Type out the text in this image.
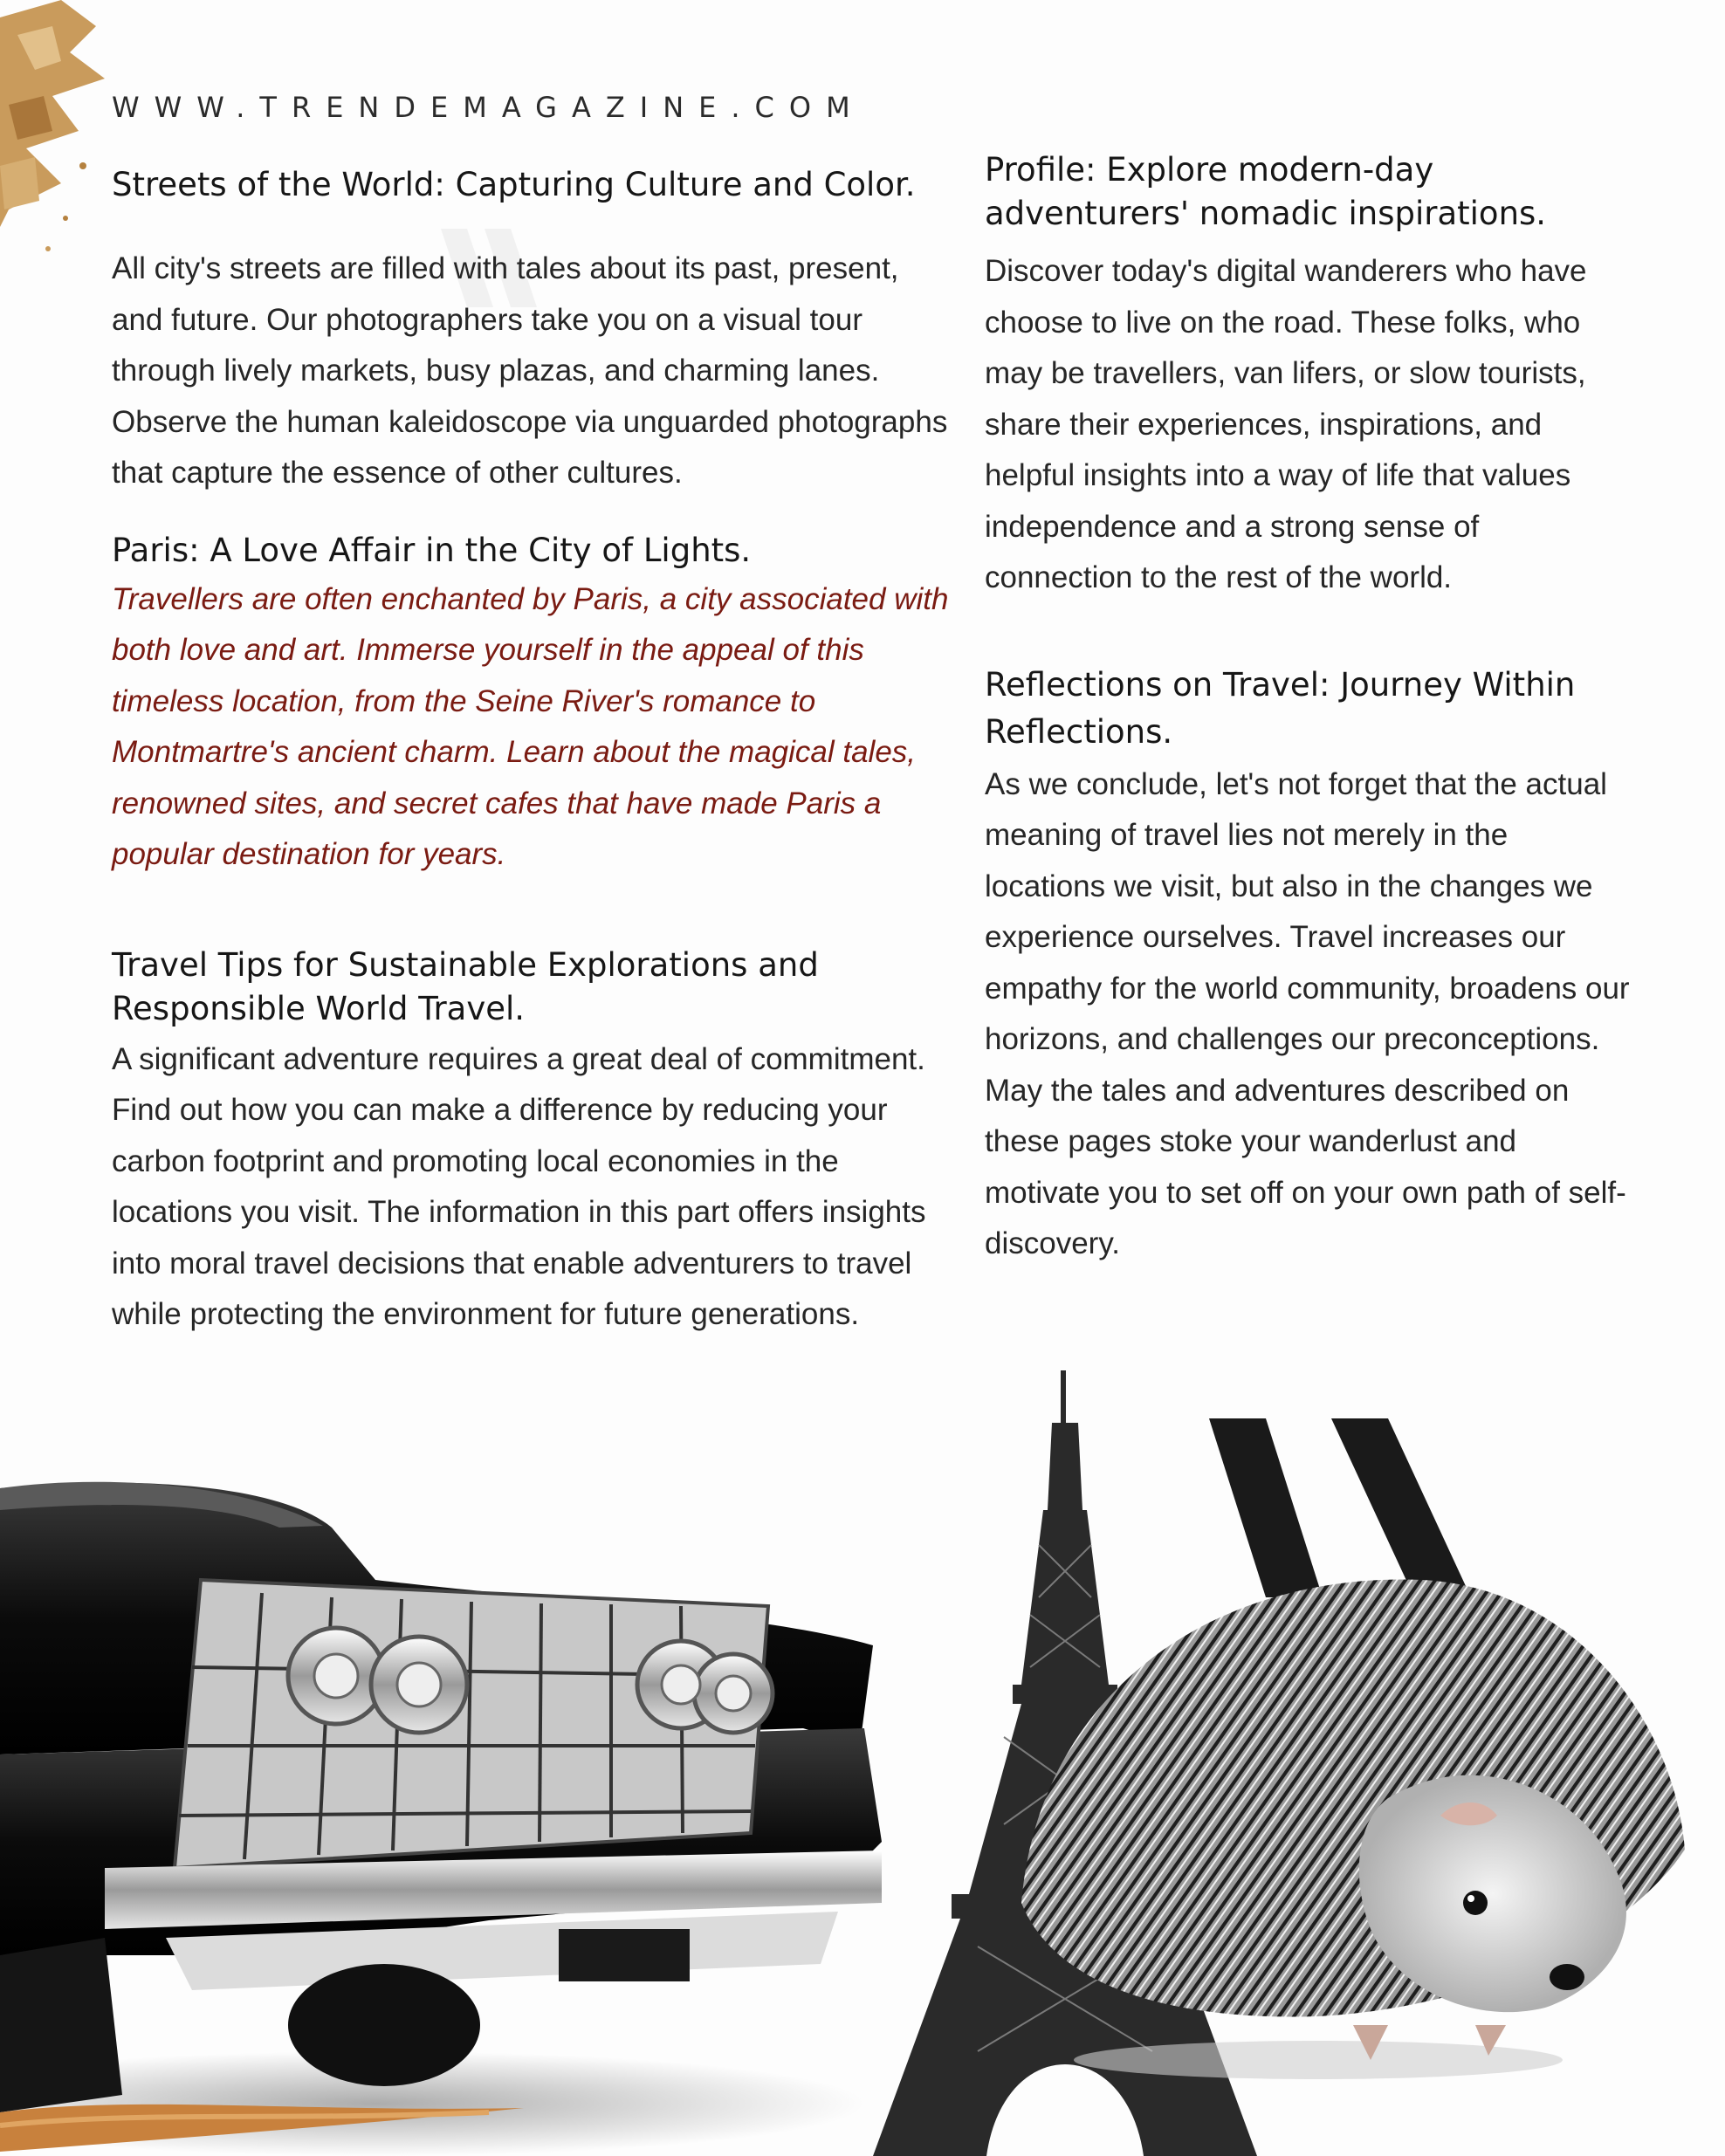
WWW.TRENDEMAGAZINE.COM
Streets of the World: Capturing Culture and Color.

All city's streets are filled with tales about its past, present, and future. Our photographers take you on a visual tour through lively markets, busy plazas, and charming lanes. Observe the human kaleidoscope via unguarded photographs that capture the essence of other cultures.

Paris: A Love Affair in the City of Lights.

Travellers are often enchanted by Paris, a city associated with both love and art. Immerse yourself in the appeal of this timeless location, from the Seine River's romance to Montmartre's ancient charm. Learn about the magical tales, renowned sites, and secret cafes that have made Paris a popular destination for years.

Travel Tips for Sustainable Explorations and Responsible World Travel.

A significant adventure requires a great deal of commitment. Find out how you can make a difference by reducing your carbon footprint and promoting local economies in the locations you visit. The information in this part offers insights into moral travel decisions that enable adventurers to travel while protecting the environment for future generations.

Profile: Explore modern-day adventurers' nomadic inspirations.

Discover today's digital wanderers who have choose to live on the road. These folks, who may be travellers, van lifers, or slow tourists, share their experiences, inspirations, and helpful insights into a way of life that values independence and a strong sense of connection to the rest of the world.

Reflections on Travel: Journey Within Reflections.

As we conclude, let's not forget that the actual meaning of travel lies not merely in the locations we visit, but also in the changes we experience ourselves. Travel increases our empathy for the world community, broadens our horizons, and challenges our preconceptions. May the tales and adventures described on these pages stoke your wanderlust and motivate you to set off on your own path of self-discovery.
